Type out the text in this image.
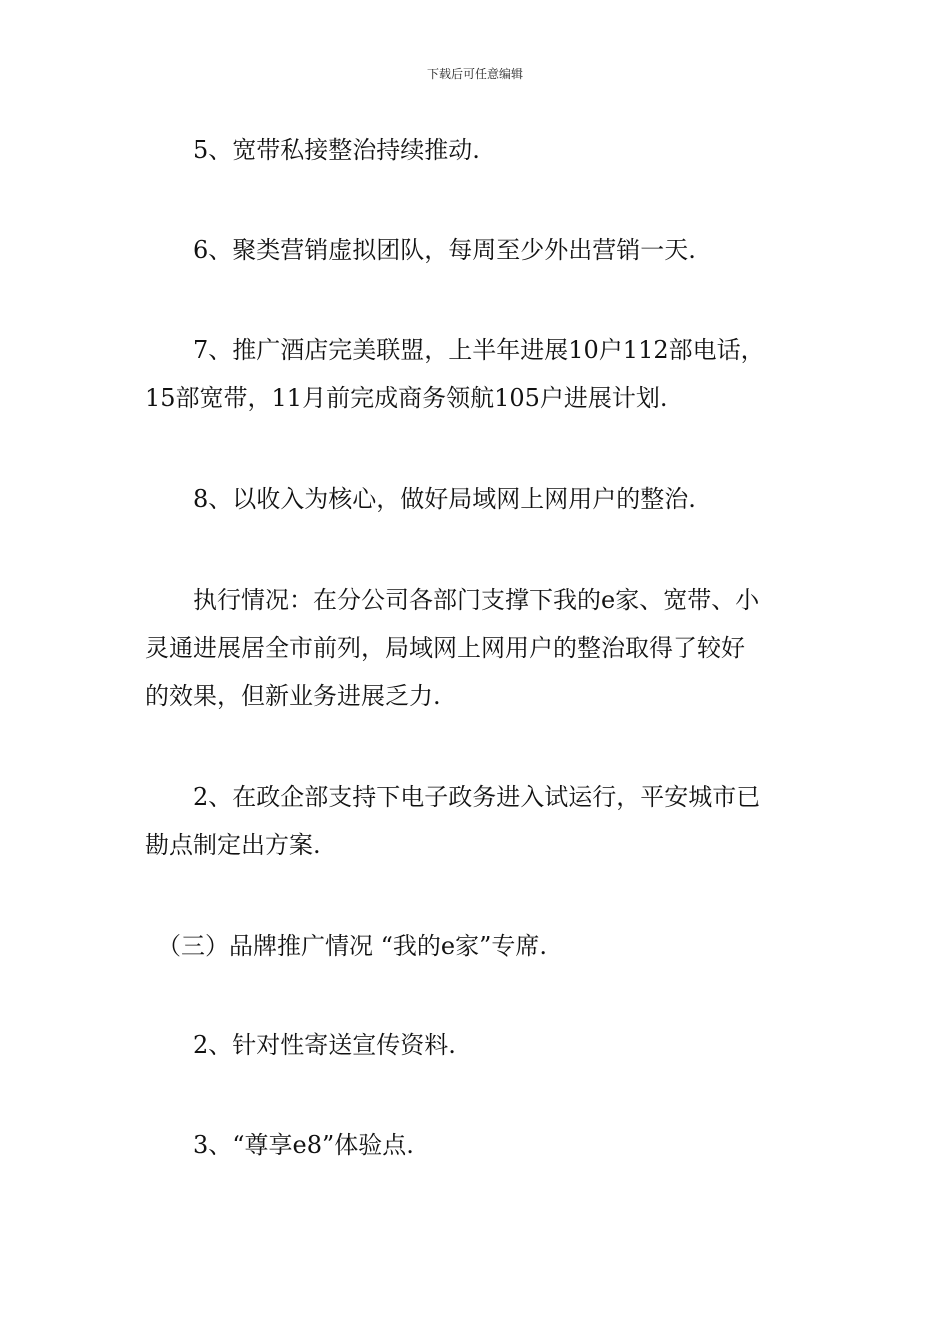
下载后可任意编辑
　　5、宽带私接整治持续推动.
　　6、聚类营销虚拟团队，每周至少外出营销一天.
　　7、推广酒店完美联盟，上半年进展10户112部电话，
15部宽带，11月前完成商务领航105户进展计划.
　　8、以收入为核心，做好局域网上网用户的整治.
　　执行情况：在分公司各部门支撑下我的e家、宽带、小
灵通进展居全市前列，局域网上网用户的整治取得了较好
的效果，但新业务进展乏力.
　　2、在政企部支持下电子政务进入试运行，平安城市已
勘点制定出方案.
　（三）品牌推广情况 “我的e家”专席.
　　2、针对性寄送宣传资料.
　　3、“尊享e8”体验点.
